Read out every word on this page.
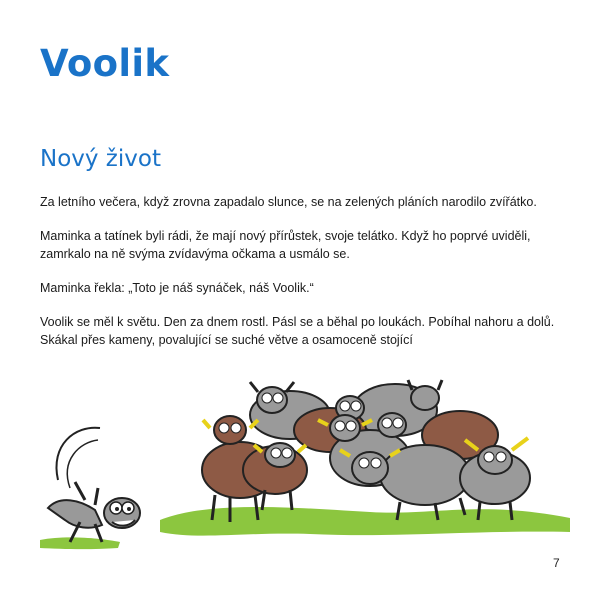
Voolik
Nový život

Za letního večera, když zrovna zapadalo slunce, se na zelených pláních narodilo zvířátko.

Maminka a tatínek byli rádi, že mají nový přírůstek, svoje telátko. Když ho poprvé uviděli, zamrkalo na ně svýma zvídavýma očkama a usmálo se.

Maminka řekla: „Toto je náš synáček, náš Voolik.“

Voolik se měl k světu. Den za dnem rostl. Pásl se a běhal po loukách. Pobíhal nahoru a dolů. Skákal přes kameny, povalující se suché větve a osamoceně stojící

7
